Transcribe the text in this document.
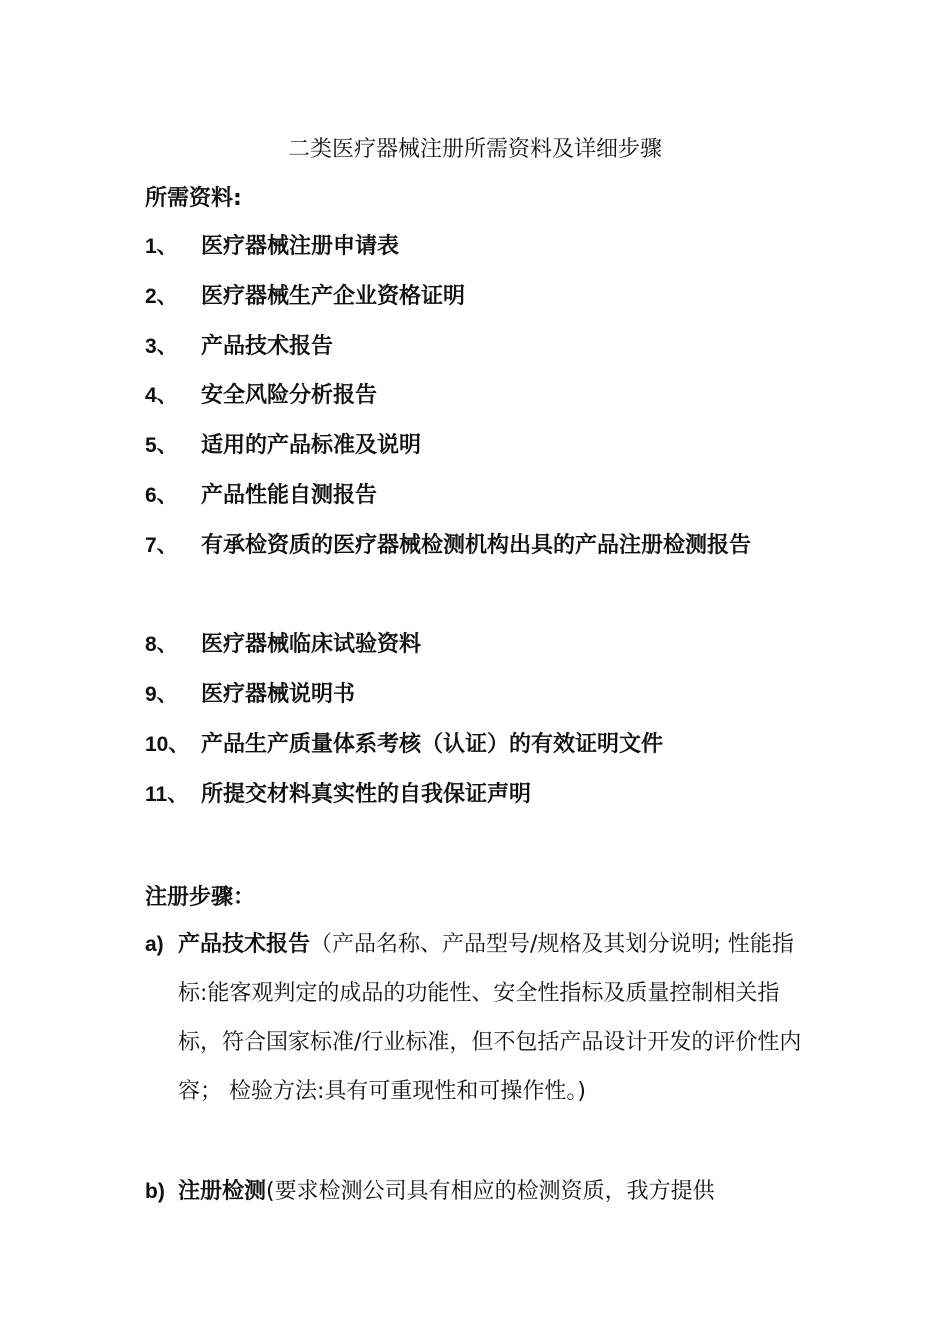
二类医疗器械注册所需资料及详细步骤
所需资料:
1、	医疗器械注册申请表
2、	医疗器械生产企业资格证明
3、	产品技术报告
4、	安全风险分析报告
5、	适用的产品标准及说明
6、	产品性能自测报告
7、	有承检资质的医疗器械检测机构出具的产品注册检测报告
8、	医疗器械临床试验资料
9、	医疗器械说明书
10、 产品生产质量体系考核（认证）的有效证明文件
11、 所提交材料真实性的自我保证声明
注册步骤：
a) 产品技术报告（产品名称、产品型号/规格及其划分说明; 性能指标:能客观判定的成品的功能性、安全性指标及质量控制相关指标，符合国家标准/行业标准，但不包括产品设计开发的评价性内容； 检验方法:具有可重现性和可操作性。)
b) 注册检测(要求检测公司具有相应的检测资质，我方提供
